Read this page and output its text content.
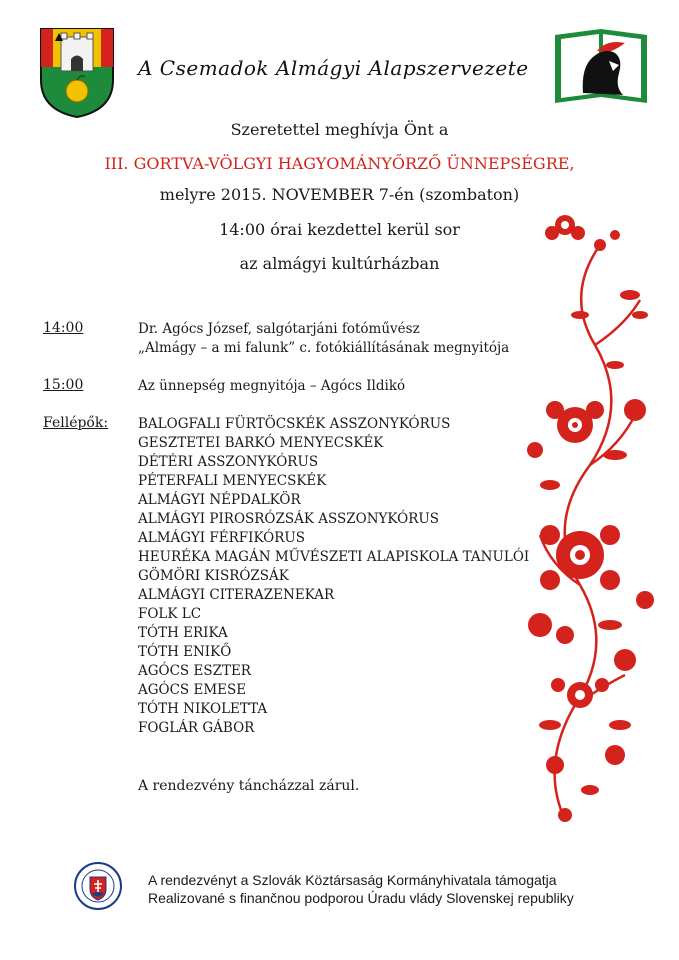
A Csemadok Almágyi Alapszervezete
Szeretettel meghívja Önt a
III. GORTVA-VÖLGYI HAGYOMÁNYŐRZŐ ÜNNEPSÉGRE,
melyre 2015. NOVEMBER 7-én (szombaton)
14:00 órai kezdettel kerül sor
az almágyi kultúrházban
14:00	Dr. Agócs József, salgótarjáni fotóművész
„Almágy – a mi falunk” c. fotókiállításának megnyitója
15:00	Az ünnepség megnyitója – Agócs Ildikó
Fellépők: BALOGFALI FÜRTÖCSKÉK ASSZONYKÓRUS
GESZTETEI BARKÓ MENYECSKÉK
DÉTÉRI ASSZONYKÓRUS
PÉTERFALI MENYECSKÉK
ALMÁGYI NÉPDALKÖR
ALMÁGYI PIROSRÓZSÁK ASSZONYKÓRUS
ALMÁGYI FÉRFIKÓRUS
HEURÉKA MAGÁN MŰVÉSZETI ALAPISKOLA TANULÓI
GÖMÖRI KISRÓZSÁK
ALMÁGYI CITERAZENEKAR
FOLK LC
TÓTH ERIKA
TÓTH ENIKŐ
AGÓCS ESZTER
AGÓCS EMESE
TÓTH NIKOLETTA
FOGLÁR GÁBOR
A rendezvény táncházzal zárul.
A rendezvényt a Szlovák Köztársaság Kormányhivatala támogatja
Realizované s finančnou podporou Úradu vlády Slovenskej republiky
